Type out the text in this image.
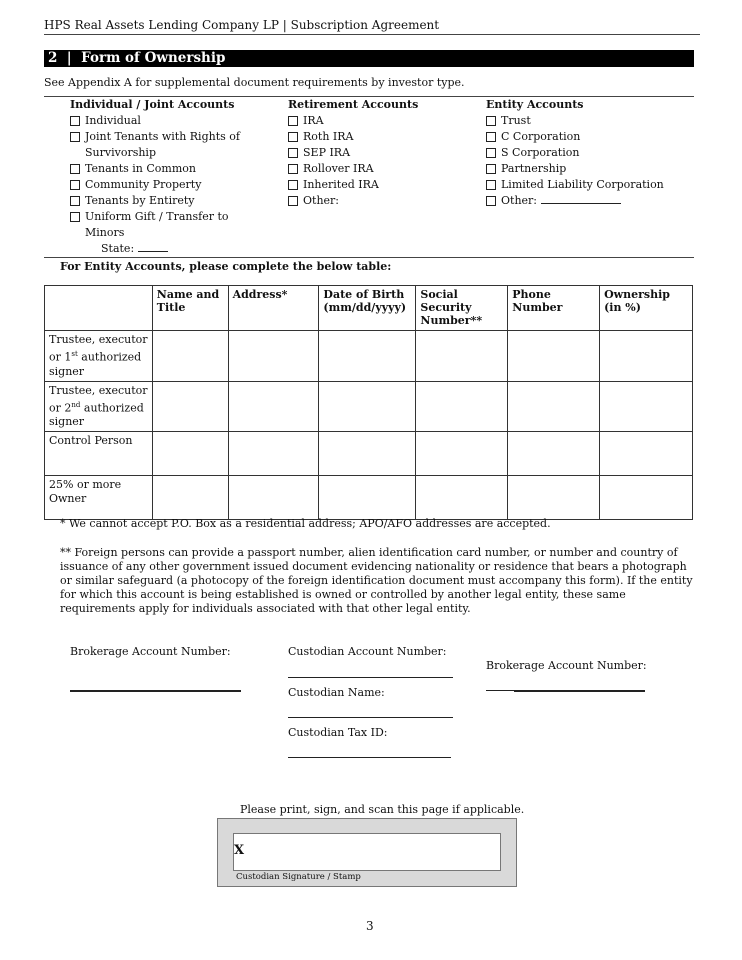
HPS Real Assets Lending Company LP | Subscription Agreement
2  |  Form of Ownership
See Appendix A for supplemental document requirements by investor type.
Individual / Joint Accounts
Individual
Joint Tenants with Rights of
Survivorship
Tenants in Common
Community Property
Tenants by Entirety
Uniform Gift / Transfer to Minors
State:
Retirement Accounts
IRA
Roth IRA
SEP IRA
Rollover IRA
Inherited IRA
Other:
Entity Accounts
Trust
C Corporation
S Corporation
Partnership
Limited Liability Corporation
Other:
For Entity Accounts, please complete the below table:
	Name and Title	Address*	Date of Birth (mm/dd/yyyy)	Social Security Number**	Phone Number	Ownership (in %)
Trustee, executor or 1st authorized signer						
Trustee, executor or 2nd authorized signer						
Control Person						
25% or more Owner						
* We cannot accept P.O. Box as a residential address; APO/AFO addresses are accepted.
** Foreign persons can provide a passport number, alien identification card number, or number and country of issuance of any other government issued document evidencing nationality or residence that bears a photograph or similar safeguard (a photocopy of the foreign identification document must accompany this form). If the entity for which this account is being established is owned or controlled by another legal entity, these same requirements apply for individuals associated with that other legal entity.
Brokerage Account Number:	Custodian Account Number:
Custodian Name:
Custodian Tax ID:
Brokerage Account Number:
Please print, sign, and scan this page if applicable.
X
Custodian Signature / Stamp
3
